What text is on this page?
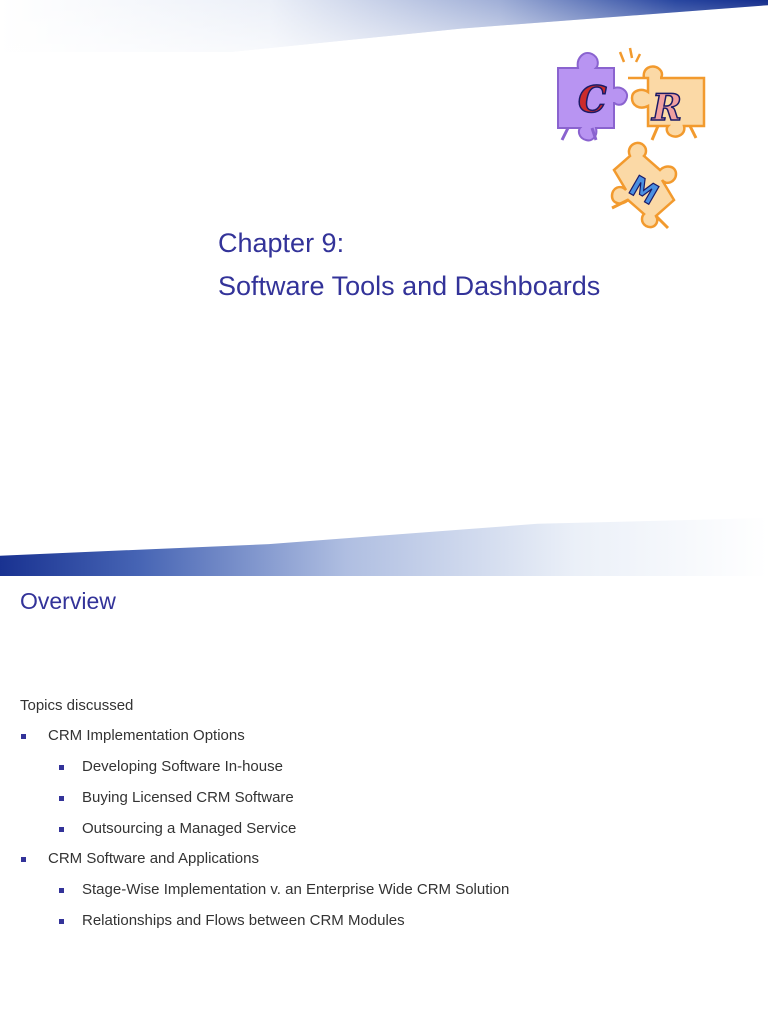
C R
M
Chapter 9:
Software Tools and Dashboards
Overview

Topics discussed

CRM Implementation Options
Developing Software In-house
Buying Licensed CRM Software
Outsourcing a Managed Service
CRM Software and Applications
Stage-Wise Implementation v. an Enterprise Wide CRM Solution
Relationships and Flows between CRM Modules
